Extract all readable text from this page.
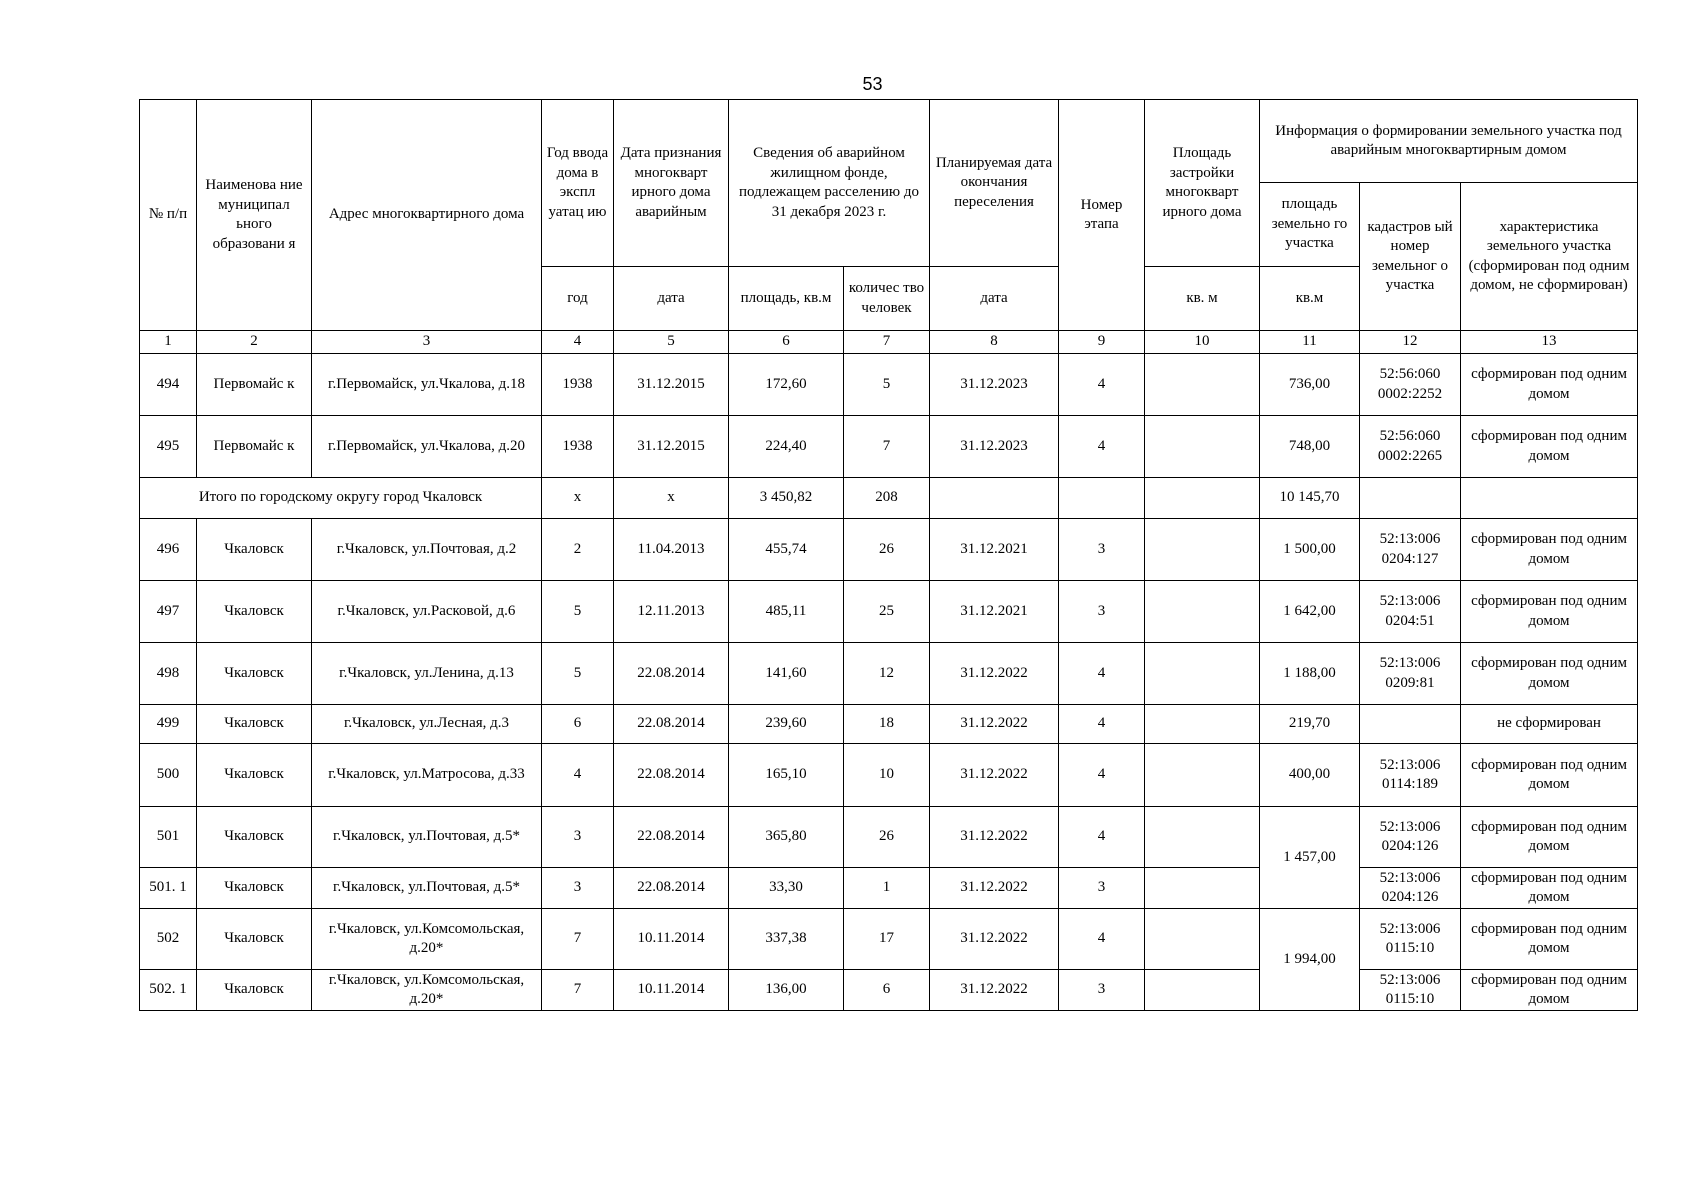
53
№ п/п	Наименова ние муниципал ьного образовани я	Адрес многоквартирного дома	Год ввода дома в экспл уатац ию	Дата признания многокварт ирного дома аварийным	Сведения об аварийном жилищном фонде, подлежащем расселению до 31 декабря 2023 г.		Планируемая дата окончания переселения	Номер этапа	Площадь застройки многокварт ирного дома	Информация о формировании земельного участка под аварийным многоквартирным домом		
										площадь земельно го участка	кадастров ый номер земельног о участка	характеристика земельного участка (сформирован под одним домом, не сформирован)
			год	дата	площадь, кв.м	количес тво человек	дата		кв. м	кв.м		
1	2	3	4	5	6	7	8	9	10	11	12	13
494	Первомайс к	г.Первомайск, ул.Чкалова, д.18	1938	31.12.2015	172,60	5	31.12.2023	4		736,00	52:56:060 0002:2252	сформирован под одним домом
495	Первомайс к	г.Первомайск, ул.Чкалова, д.20	1938	31.12.2015	224,40	7	31.12.2023	4		748,00	52:56:060 0002:2265	сформирован под одним домом
Итого по городскому округу город Чкаловск			х	х	3 450,82	208				10 145,70		
496	Чкаловск	г.Чкаловск, ул.Почтовая, д.2	2	11.04.2013	455,74	26	31.12.2021	3		1 500,00	52:13:006 0204:127	сформирован под одним домом
497	Чкаловск	г.Чкаловск, ул.Расковой, д.6	5	12.11.2013	485,11	25	31.12.2021	3		1 642,00	52:13:006 0204:51	сформирован под одним домом
498	Чкаловск	г.Чкаловск, ул.Ленина, д.13	5	22.08.2014	141,60	12	31.12.2022	4		1 188,00	52:13:006 0209:81	сформирован под одним домом
499	Чкаловск	г.Чкаловск, ул.Лесная, д.3	6	22.08.2014	239,60	18	31.12.2022	4		219,70		не сформирован
500	Чкаловск	г.Чкаловск, ул.Матросова, д.33	4	22.08.2014	165,10	10	31.12.2022	4		400,00	52:13:006 0114:189	сформирован под одним домом
501	Чкаловск	г.Чкаловск, ул.Почтовая, д.5*	3	22.08.2014	365,80	26	31.12.2022	4		1 457,00	52:13:006 0204:126	сформирован под одним домом
501. 1	Чкаловск	г.Чкаловск, ул.Почтовая, д.5*	3	22.08.2014	33,30	1	31.12.2022	3			52:13:006 0204:126	сформирован под одним домом
502	Чкаловск	г.Чкаловск, ул.Комсомольская, д.20*	7	10.11.2014	337,38	17	31.12.2022	4		1 994,00	52:13:006 0115:10	сформирован под одним домом
502. 1	Чкаловск	г.Чкаловск, ул.Комсомольская, д.20*	7	10.11.2014	136,00	6	31.12.2022	3			52:13:006 0115:10	сформирован под одним домом
